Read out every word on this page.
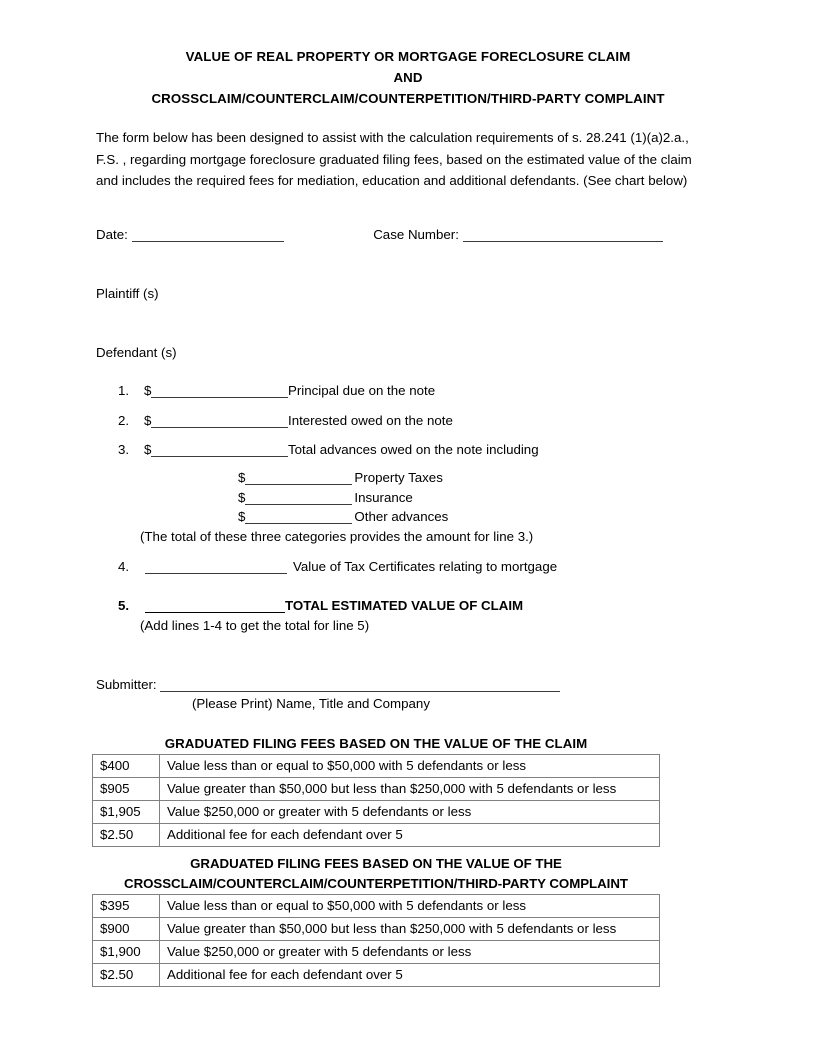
VALUE OF REAL PROPERTY OR MORTGAGE FORECLOSURE CLAIM
AND
CROSSCLAIM/COUNTERCLAIM/COUNTERPETITION/THIRD-PARTY COMPLAINT
The form below has been designed to assist with the calculation requirements of s. 28.241 (1)(a)2.a., F.S. , regarding mortgage foreclosure graduated filing fees, based on the estimated value of the claim and includes the required fees for mediation, education and additional defendants. (See chart below)
Date:	Case Number:
Plaintiff (s)
Defendant (s)
1.	$	Principal due on the note
2.	$	Interested owed on the note
3.	$	Total advances owed on the note including
$	Property Taxes
$	Insurance
$	Other advances
(The total of these three categories provides the amount for line 3.)
4.	Value of Tax Certificates relating to mortgage
5.	TOTAL ESTIMATED VALUE OF CLAIM
(Add lines 1-4 to get the total for line 5)
Submitter:
(Please Print) Name, Title and Company
GRADUATED FILING FEES BASED ON THE VALUE OF THE CLAIM
$400	Value less than or equal to $50,000 with 5 defendants or less
$905	Value greater than $50,000 but less than $250,000 with 5 defendants or less
$1,905	Value $250,000 or greater with 5 defendants or less
$2.50	Additional fee for each defendant over 5
GRADUATED FILING FEES BASED ON THE VALUE OF THE
CROSSCLAIM/COUNTERCLAIM/COUNTERPETITION/THIRD-PARTY COMPLAINT
$395	Value less than or equal to $50,000 with 5 defendants or less
$900	Value greater than $50,000 but less than $250,000 with 5 defendants or less
$1,900	Value $250,000 or greater with 5 defendants or less
$2.50	Additional fee for each defendant over 5
